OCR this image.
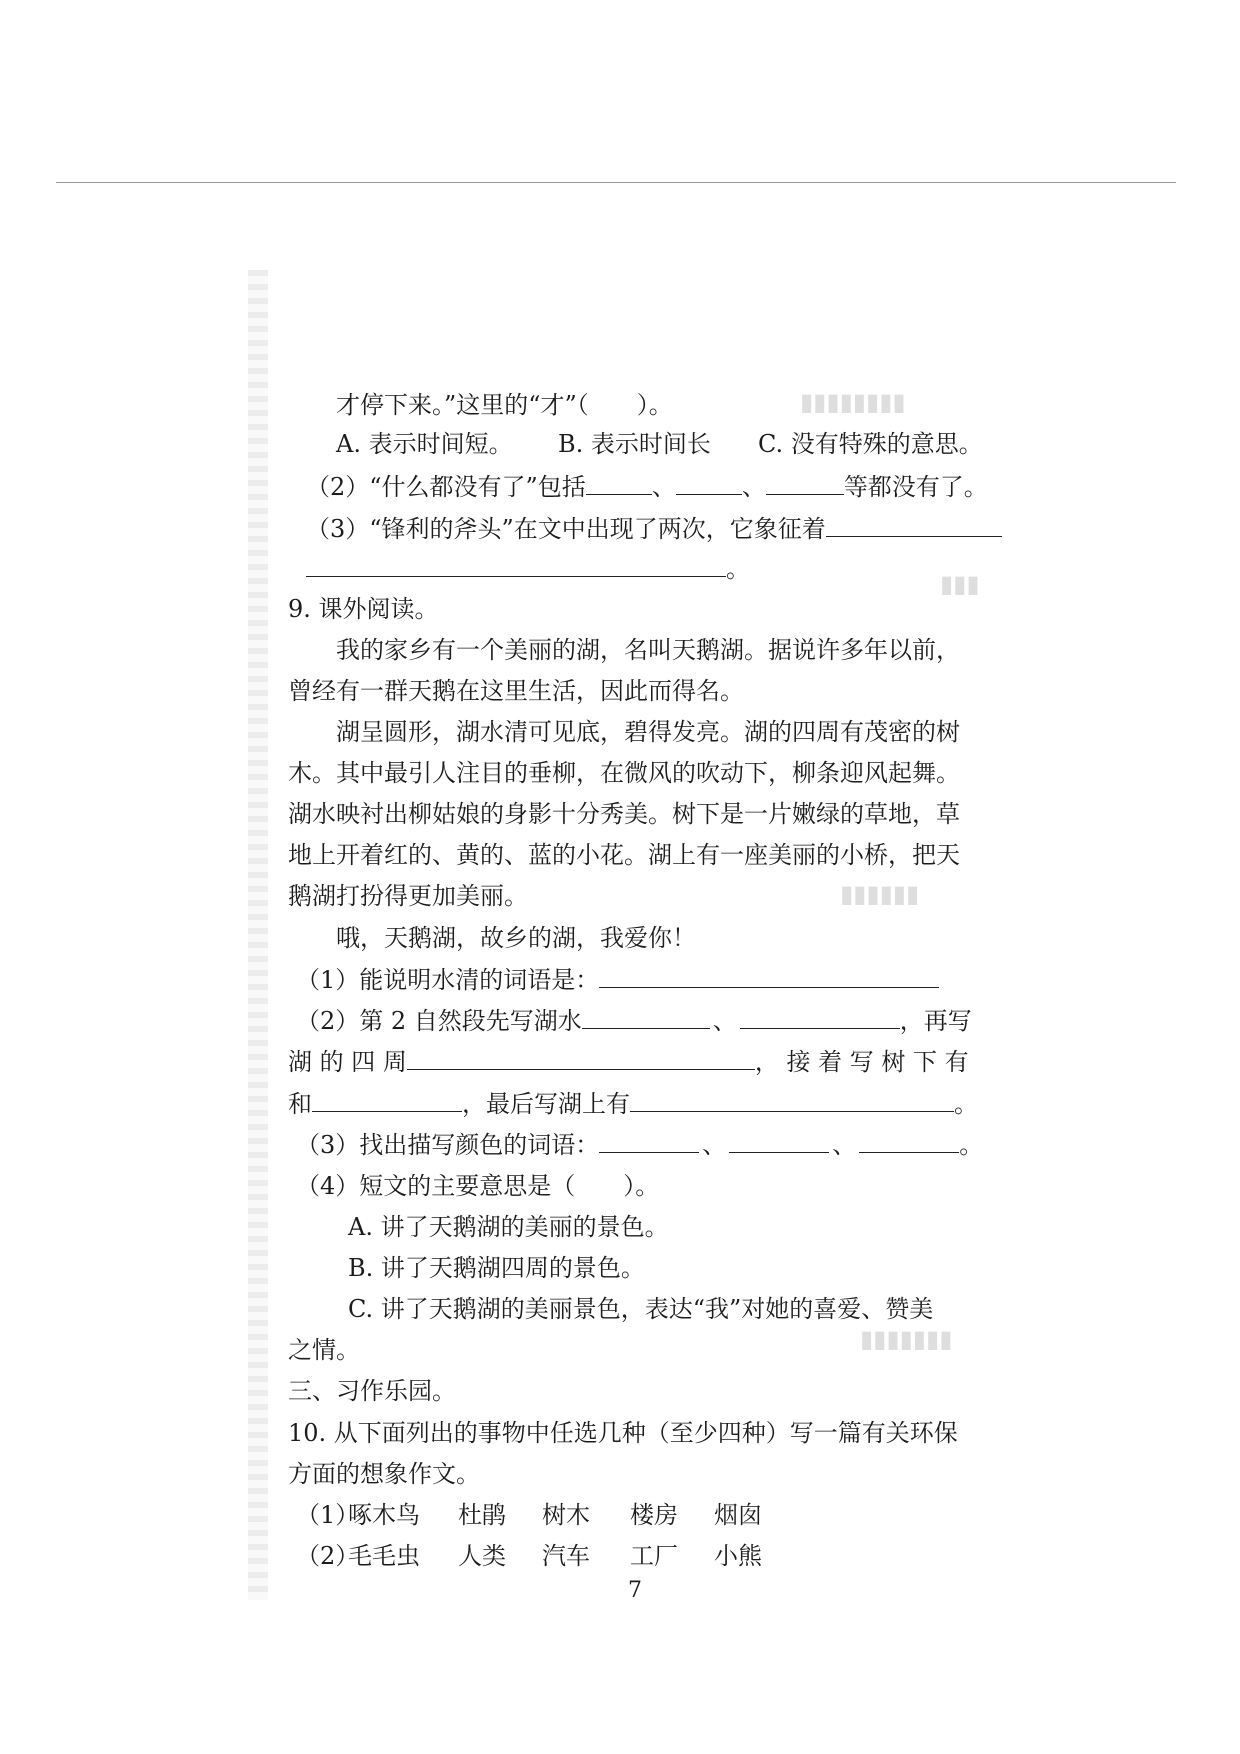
▮▮▮▮▮▮▮▮
▮▮▮
▮▮▮▮▮▮
▮▮▮▮▮▮▮
才停下来。”这里的“才”（　　）。
A. 表示时间短。 B. 表示时间长 C. 没有特殊的意思。
（2）“什么都没有了”包括	、	、	等都没有了。
（3）“锋利的斧头”在文中出现了两次，它象征着
。
9. 课外阅读。
我的家乡有一个美丽的湖，名叫天鹅湖。据说许多年以前，
曾经有一群天鹅在这里生活，因此而得名。
湖呈圆形，湖水清可见底，碧得发亮。湖的四周有茂密的树
木。其中最引人注目的垂柳，在微风的吹动下，柳条迎风起舞。
湖水映衬出柳姑娘的身影十分秀美。树下是一片嫩绿的草地，草
地上开着红的、黄的、蓝的小花。湖上有一座美丽的小桥，把天
鹅湖打扮得更加美丽。
哦，天鹅湖，故乡的湖，我爱你！
（1）能说明水清的词语是：
（2）第 2 自然段先写湖水	、	，再写
湖 的 四 周	， 接 着 写 树 下 有
和	，最后写湖上有	。
（3）找出描写颜色的词语：	、	、	。
（4）短文的主要意思是（　　）。
A. 讲了天鹅湖的美丽的景色。
B. 讲了天鹅湖四周的景色。
C. 讲了天鹅湖的美丽景色，表达“我”对她的喜爱、赞美
之情。
三、习作乐园。
10. 从下面列出的事物中任选几种（至少四种）写一篇有关环保
方面的想象作文。
（1）
啄木鸟 杜鹃 树木 楼房 烟囱
（2）
毛毛虫 人类 汽车 工厂 小熊
7
